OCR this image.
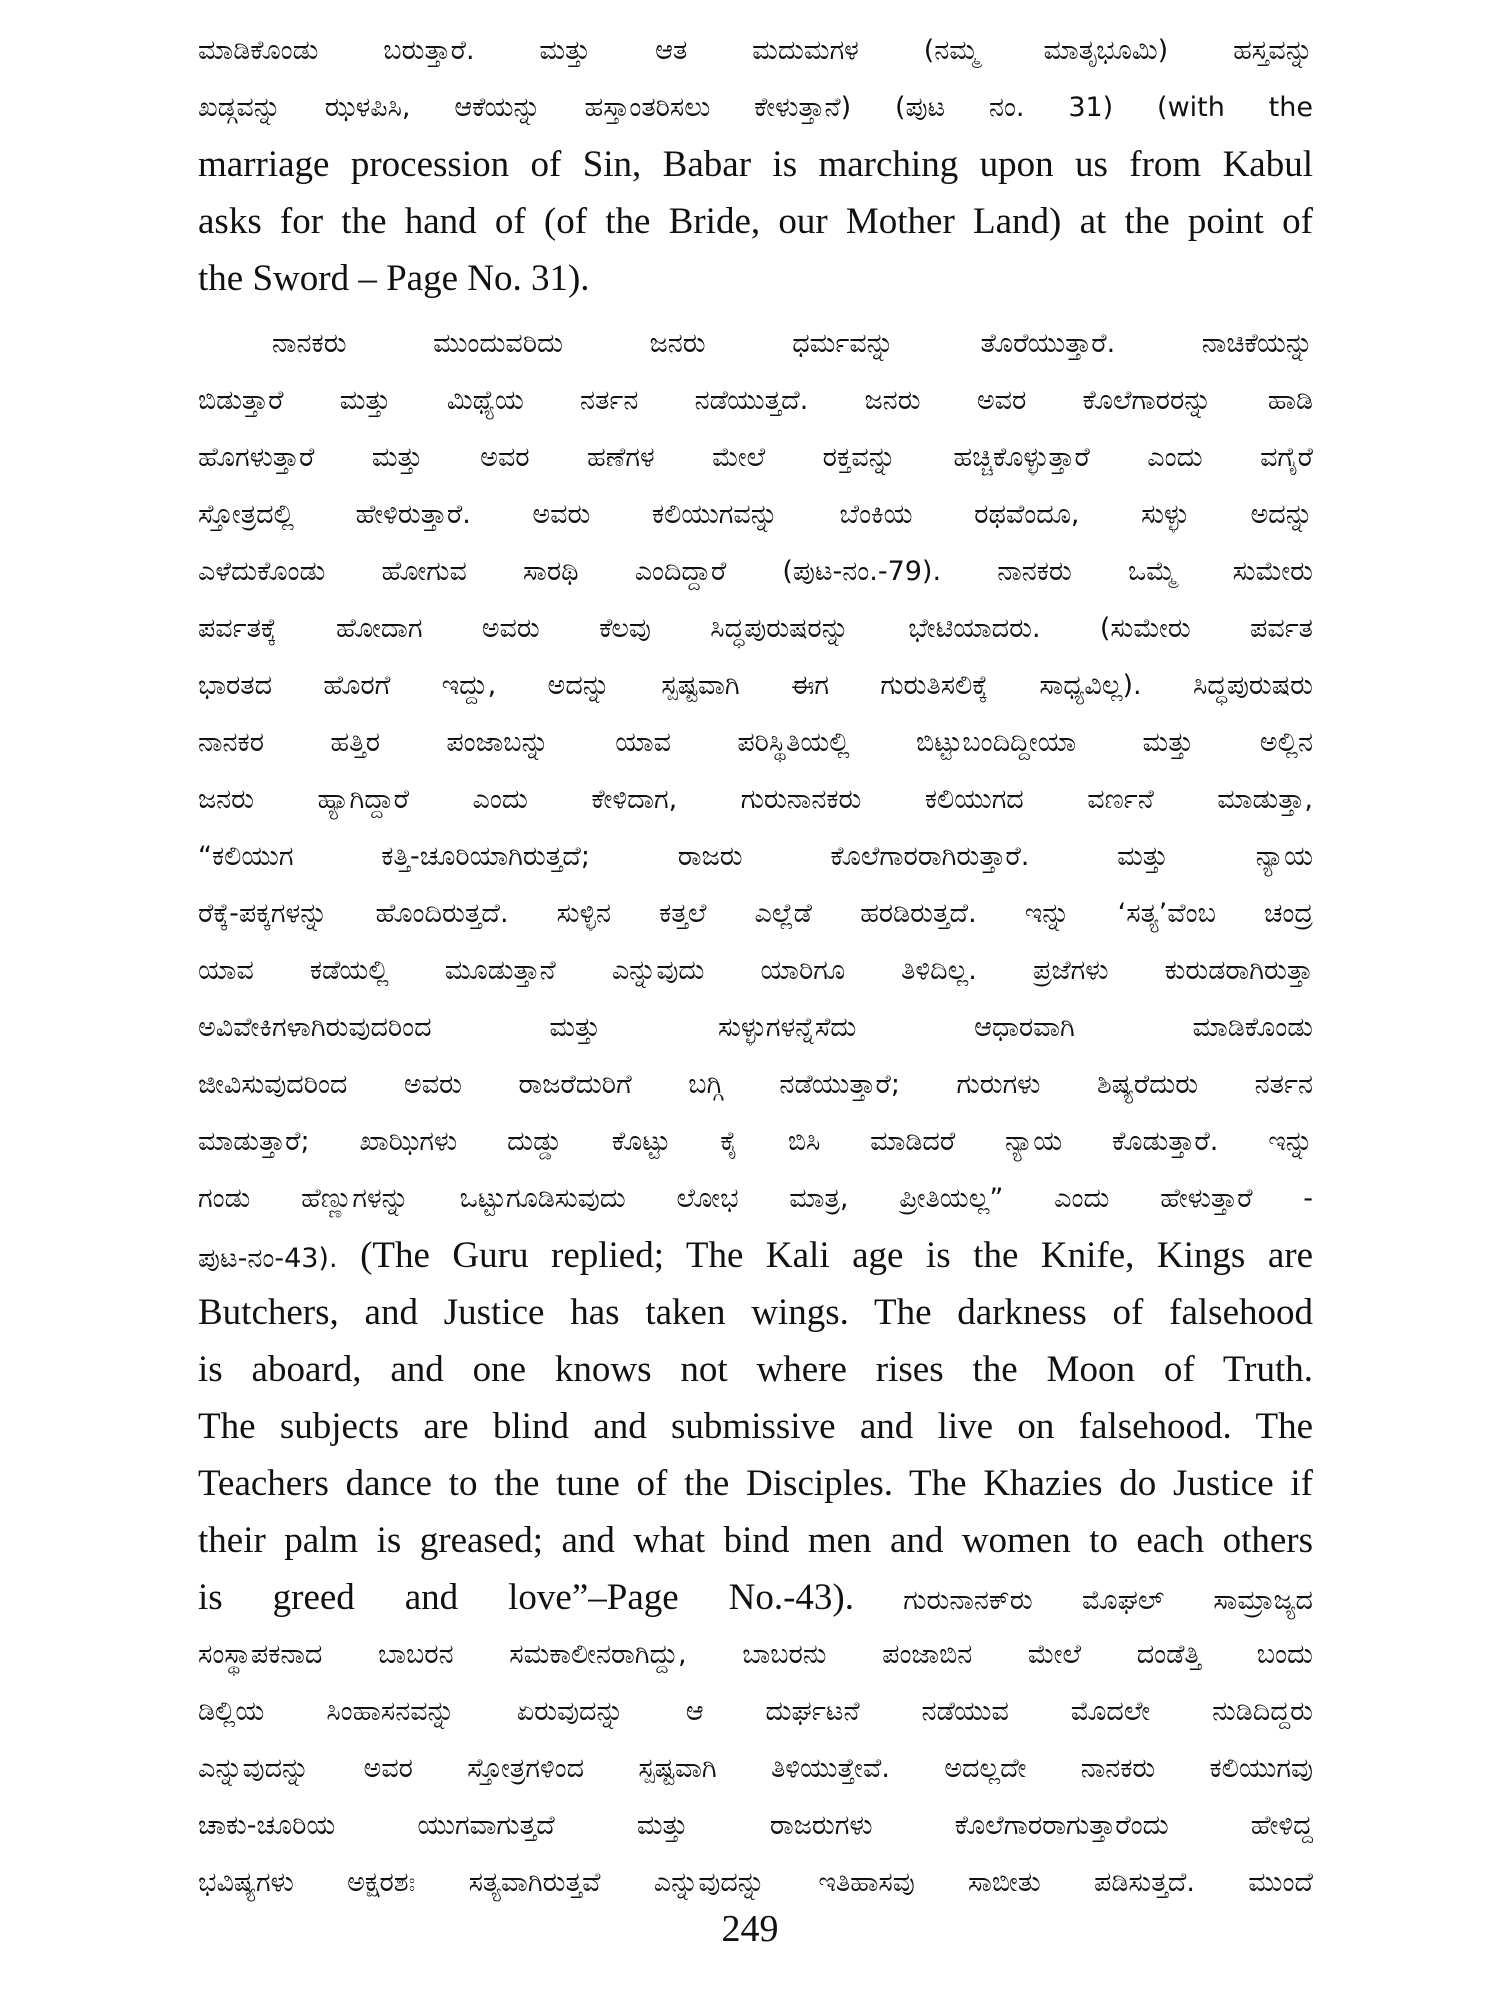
ಮಾಡಿಕೊಂಡು ಬರುತ್ತಾರೆ. ಮತ್ತು ಆತ ಮದುಮಗಳ (ನಮ್ಮ ಮಾತೃಭೂಮಿ) ಹಸ್ತವನ್ನು
ಖಡ್ಗವನ್ನು ಝಳಪಿಸಿ, ಆಕೆಯನ್ನು ಹಸ್ತಾಂತರಿಸಲು ಕೇಳುತ್ತಾನೆ) (ಪುಟ ನಂ. 31) (with the
marriage procession of Sin, Babar is marching upon us from Kabul
asks for the hand of (of the Bride, our Mother Land) at the point of
the Sword – Page No. 31).
ನಾನಕರು ಮುಂದುವರಿದು ಜನರು ಧರ್ಮವನ್ನು ತೊರೆಯುತ್ತಾರೆ. ನಾಚಿಕೆಯನ್ನು
ಬಿಡುತ್ತಾರೆ ಮತ್ತು ಮಿಥ್ಯೆಯ ನರ್ತನ ನಡೆಯುತ್ತದೆ. ಜನರು ಅವರ ಕೊಲೆಗಾರರನ್ನು ಹಾಡಿ
ಹೊಗಳುತ್ತಾರೆ ಮತ್ತು ಅವರ ಹಣೆಗಳ ಮೇಲೆ ರಕ್ತವನ್ನು ಹಚ್ಚಿಕೊಳ್ಳುತ್ತಾರೆ ಎಂದು ವಗೈರೆ
ಸ್ತೋತ್ರದಲ್ಲಿ ಹೇಳಿರುತ್ತಾರೆ. ಅವರು ಕಲಿಯುಗವನ್ನು ಬೆಂಕಿಯ ರಥವೆಂದೂ, ಸುಳ್ಳು ಅದನ್ನು
ಎಳೆದುಕೊಂಡು ಹೋಗುವ ಸಾರಥಿ ಎಂದಿದ್ದಾರೆ (ಪುಟ-ನಂ.-79). ನಾನಕರು ಒಮ್ಮೆ ಸುಮೇರು
ಪರ್ವತಕ್ಕೆ ಹೋದಾಗ ಅವರು ಕೆಲವು ಸಿದ್ಧಪುರುಷರನ್ನು ಭೇಟಿಯಾದರು. (ಸುಮೇರು ಪರ್ವತ
ಭಾರತದ ಹೊರಗೆ ಇದ್ದು, ಅದನ್ನು ಸ್ಪಷ್ಟವಾಗಿ ಈಗ ಗುರುತಿಸಲಿಕ್ಕೆ ಸಾಧ್ಯವಿಲ್ಲ). ಸಿದ್ಧಪುರುಷರು
ನಾನಕರ ಹತ್ತಿರ ಪಂಜಾಬನ್ನು ಯಾವ ಪರಿಸ್ಥಿತಿಯಲ್ಲಿ ಬಿಟ್ಟುಬಂದಿದ್ದೀಯಾ ಮತ್ತು ಅಲ್ಲಿನ
ಜನರು ಹ್ಯಾಗಿದ್ದಾರೆ ಎಂದು ಕೇಳಿದಾಗ, ಗುರುನಾನಕರು ಕಲಿಯುಗದ ವರ್ಣನೆ ಮಾಡುತ್ತಾ,
“ಕಲಿಯುಗ ಕತ್ತಿ-ಚೂರಿಯಾಗಿರುತ್ತದೆ; ರಾಜರು ಕೊಲೆಗಾರರಾಗಿರುತ್ತಾರೆ. ಮತ್ತು ನ್ಯಾಯ
ರೆಕ್ಕೆ-ಪಕ್ಕಗಳನ್ನು ಹೊಂದಿರುತ್ತದೆ. ಸುಳ್ಳಿನ ಕತ್ತಲೆ ಎಲ್ಲೆಡೆ ಹರಡಿರುತ್ತದೆ. ಇನ್ನು ‘ಸತ್ಯ’ವೆಂಬ ಚಂದ್ರ
ಯಾವ ಕಡೆಯಲ್ಲಿ ಮೂಡುತ್ತಾನೆ ಎನ್ನುವುದು ಯಾರಿಗೂ ತಿಳಿದಿಲ್ಲ. ಪ್ರಜೆಗಳು ಕುರುಡರಾಗಿರುತ್ತಾ
ಅವಿವೇಕಿಗಳಾಗಿರುವುದರಿಂದ ಮತ್ತು ಸುಳ್ಳುಗಳನ್ನೆಸೆದು ಆಧಾರವಾಗಿ ಮಾಡಿಕೊಂಡು
ಜೀವಿಸುವುದರಿಂದ ಅವರು ರಾಜರೆದುರಿಗೆ ಬಗ್ಗಿ ನಡೆಯುತ್ತಾರೆ; ಗುರುಗಳು ಶಿಷ್ಯರೆದುರು ನರ್ತನ
ಮಾಡುತ್ತಾರೆ; ಖಾಝಿಗಳು ದುಡ್ಡು ಕೊಟ್ಟು ಕೈ ಬಿಸಿ ಮಾಡಿದರೆ ನ್ಯಾಯ ಕೊಡುತ್ತಾರೆ. ಇನ್ನು
ಗಂಡು ಹೆಣ್ಣುಗಳನ್ನು ಒಟ್ಟುಗೂಡಿಸುವುದು ಲೋಭ ಮಾತ್ರ, ಪ್ರೀತಿಯಲ್ಲ” ಎಂದು ಹೇಳುತ್ತಾರೆ -
ಪುಟ-ನಂ-43). (The Guru replied; The Kali age is the Knife, Kings are
Butchers, and Justice has taken wings. The darkness of falsehood
is aboard, and one knows not where rises the Moon of Truth.
The subjects are blind and submissive and live on falsehood. The
Teachers dance to the tune of the Disciples. The Khazies do Justice if
their palm is greased; and what bind men and women to each others
is greed and love”–Page No.-43). ಗುರುನಾನಕ್‌ರು ಮೊಘಲ್ ಸಾಮ್ರಾಜ್ಯದ
ಸಂಸ್ಥಾಪಕನಾದ ಬಾಬರನ ಸಮಕಾಲೀನರಾಗಿದ್ದು, ಬಾಬರನು ಪಂಜಾಬಿನ ಮೇಲೆ ದಂಡೆತ್ತಿ ಬಂದು
ಡಿಲ್ಲಿಯ ಸಿಂಹಾಸನವನ್ನು ಏರುವುದನ್ನು ಆ ದುರ್ಘಟನೆ ನಡೆಯುವ ಮೊದಲೇ ನುಡಿದಿದ್ದರು
ಎನ್ನುವುದನ್ನು ಅವರ ಸ್ತೋತ್ರಗಳಿಂದ ಸ್ಪಷ್ಟವಾಗಿ ತಿಳಿಯುತ್ತೇವೆ. ಅದಲ್ಲದೇ ನಾನಕರು ಕಲಿಯುಗವು
ಚಾಕು-ಚೂರಿಯ ಯುಗವಾಗುತ್ತದೆ ಮತ್ತು ರಾಜರುಗಳು ಕೊಲೆಗಾರರಾಗುತ್ತಾರೆಂದು ಹೇಳಿದ್ದ
ಭವಿಷ್ಯಗಳು ಅಕ್ಷರಶಃ ಸತ್ಯವಾಗಿರುತ್ತವೆ ಎನ್ನುವುದನ್ನು ಇತಿಹಾಸವು ಸಾಬೀತು ಪಡಿಸುತ್ತದೆ. ಮುಂದೆ
249
